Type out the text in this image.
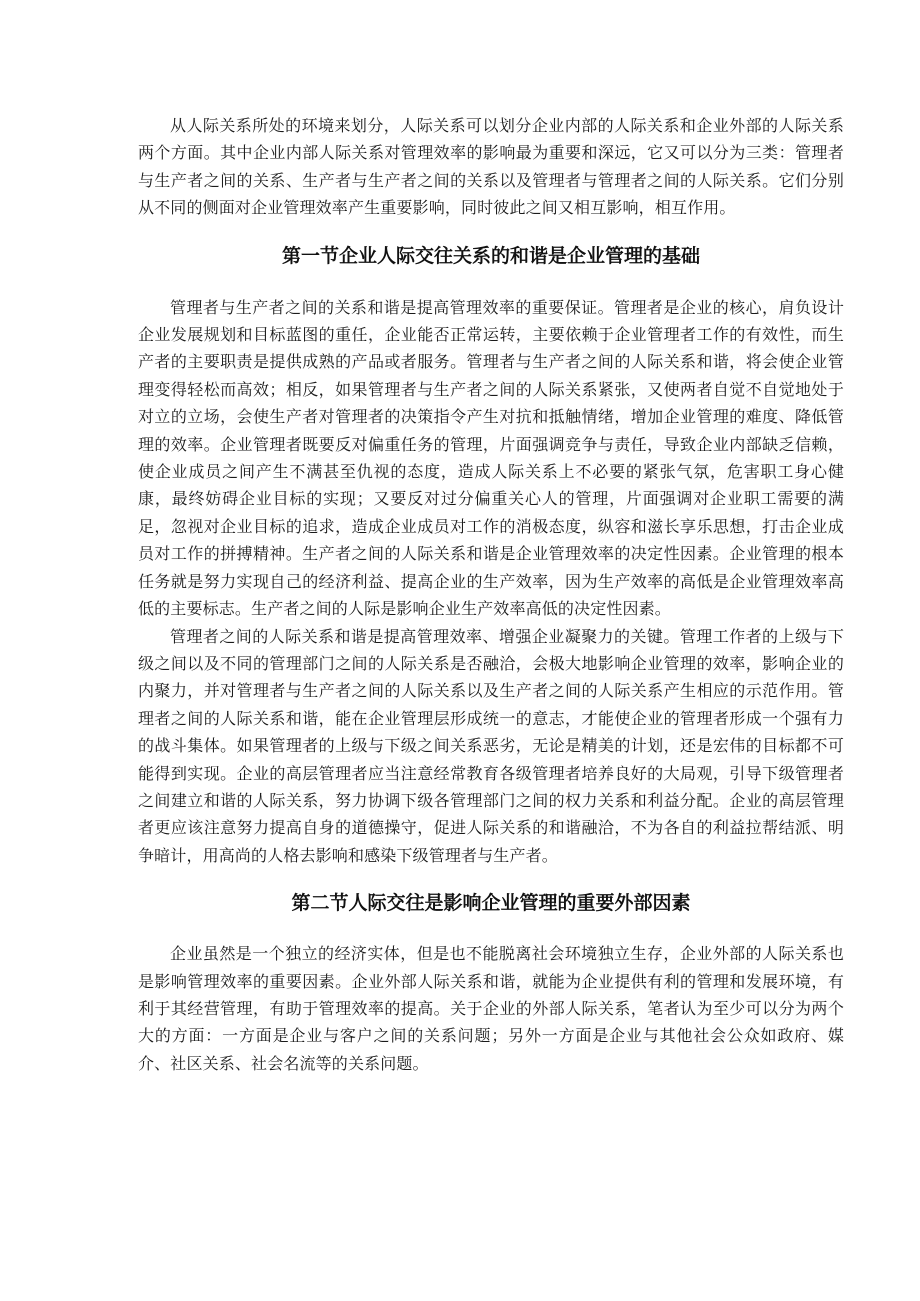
从人际关系所处的环境来划分，人际关系可以划分企业内部的人际关系和企业外部的人际关系两个方面。其中企业内部人际关系对管理效率的影响最为重要和深远，它又可以分为三类：管理者与生产者之间的关系、生产者与生产者之间的关系以及管理者与管理者之间的人际关系。它们分别从不同的侧面对企业管理效率产生重要影响，同时彼此之间又相互影响，相互作用。

第一节企业人际交往关系的和谐是企业管理的基础

管理者与生产者之间的关系和谐是提高管理效率的重要保证。管理者是企业的核心，肩负设计企业发展规划和目标蓝图的重任，企业能否正常运转，主要依赖于企业管理者工作的有效性，而生产者的主要职责是提供成熟的产品或者服务。管理者与生产者之间的人际关系和谐，将会使企业管理变得轻松而高效；相反，如果管理者与生产者之间的人际关系紧张，又使两者自觉不自觉地处于对立的立场，会使生产者对管理者的决策指令产生对抗和抵触情绪，增加企业管理的难度、降低管理的效率。企业管理者既要反对偏重任务的管理，片面强调竞争与责任，导致企业内部缺乏信赖，使企业成员之间产生不满甚至仇视的态度，造成人际关系上不必要的紧张气氛，危害职工身心健康，最终妨碍企业目标的实现；又要反对过分偏重关心人的管理，片面强调对企业职工需要的满足，忽视对企业目标的追求，造成企业成员对工作的消极态度，纵容和滋长享乐思想，打击企业成员对工作的拼搏精神。生产者之间的人际关系和谐是企业管理效率的决定性因素。企业管理的根本任务就是努力实现自己的经济利益、提高企业的生产效率，因为生产效率的高低是企业管理效率高低的主要标志。生产者之间的人际是影响企业生产效率高低的决定性因素。

管理者之间的人际关系和谐是提高管理效率、增强企业凝聚力的关键。管理工作者的上级与下级之间以及不同的管理部门之间的人际关系是否融洽，会极大地影响企业管理的效率，影响企业的内聚力，并对管理者与生产者之间的人际关系以及生产者之间的人际关系产生相应的示范作用。管理者之间的人际关系和谐，能在企业管理层形成统一的意志，才能使企业的管理者形成一个强有力的战斗集体。如果管理者的上级与下级之间关系恶劣，无论是精美的计划，还是宏伟的目标都不可能得到实现。企业的高层管理者应当注意经常教育各级管理者培养良好的大局观，引导下级管理者之间建立和谐的人际关系，努力协调下级各管理部门之间的权力关系和利益分配。企业的高层管理者更应该注意努力提高自身的道德操守，促进人际关系的和谐融洽，不为各自的利益拉帮结派、明争暗计，用高尚的人格去影响和感染下级管理者与生产者。

第二节人际交往是影响企业管理的重要外部因素

企业虽然是一个独立的经济实体，但是也不能脱离社会环境独立生存，企业外部的人际关系也是影响管理效率的重要因素。企业外部人际关系和谐，就能为企业提供有利的管理和发展环境，有利于其经营管理，有助于管理效率的提高。关于企业的外部人际关系，笔者认为至少可以分为两个大的方面：一方面是企业与客户之间的关系问题；另外一方面是企业与其他社会公众如政府、媒介、社区关系、社会名流等的关系问题。
